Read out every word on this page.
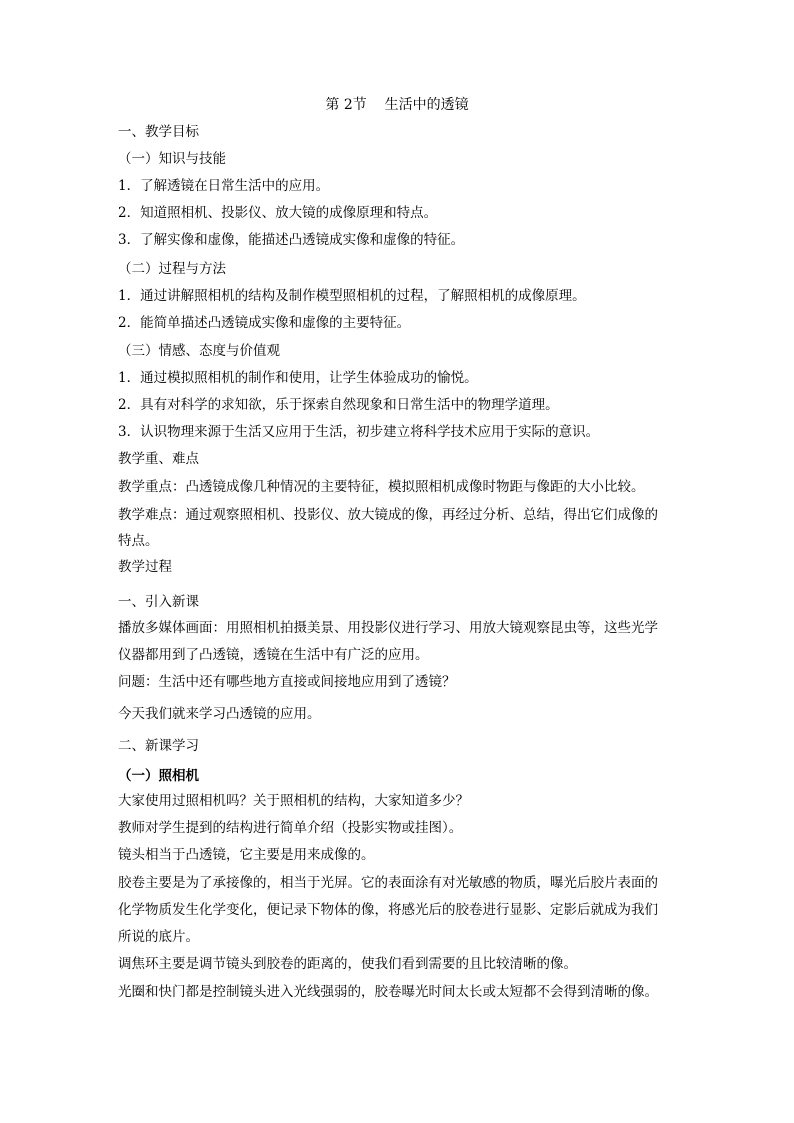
第 2节    生活中的透镜
一、教学目标
（一）知识与技能
1．了解透镜在日常生活中的应用。
2．知道照相机、投影仪、放大镜的成像原理和特点。
3．了解实像和虚像，能描述凸透镜成实像和虚像的特征。
（二）过程与方法
1．通过讲解照相机的结构及制作模型照相机的过程，了解照相机的成像原理。
2．能简单描述凸透镜成实像和虚像的主要特征。
（三）情感、态度与价值观
1．通过模拟照相机的制作和使用，让学生体验成功的愉悦。
2．具有对科学的求知欲，乐于探索自然现象和日常生活中的物理学道理。
3．认识物理来源于生活又应用于生活，初步建立将科学技术应用于实际的意识。
教学重、难点
教学重点：凸透镜成像几种情况的主要特征，模拟照相机成像时物距与像距的大小比较。
教学难点：通过观察照相机、投影仪、放大镜成的像，再经过分析、总结，得出它们成像的
特点。
教学过程
一、引入新课
播放多媒体画面：用照相机拍摄美景、用投影仪进行学习、用放大镜观察昆虫等，这些光学
仪器都用到了凸透镜，透镜在生活中有广泛的应用。
问题：生活中还有哪些地方直接或间接地应用到了透镜？
今天我们就来学习凸透镜的应用。
二、新课学习
（一）照相机
大家使用过照相机吗？关于照相机的结构，大家知道多少？
教师对学生提到的结构进行简单介绍（投影实物或挂图）。
镜头相当于凸透镜，它主要是用来成像的。
胶卷主要是为了承接像的，相当于光屏。它的表面涂有对光敏感的物质，曝光后胶片表面的
化学物质发生化学变化，便记录下物体的像，将感光后的胶卷进行显影、定影后就成为我们
所说的底片。
调焦环主要是调节镜头到胶卷的距离的，使我们看到需要的且比较清晰的像。
光圈和快门都是控制镜头进入光线强弱的，胶卷曝光时间太长或太短都不会得到清晰的像。
